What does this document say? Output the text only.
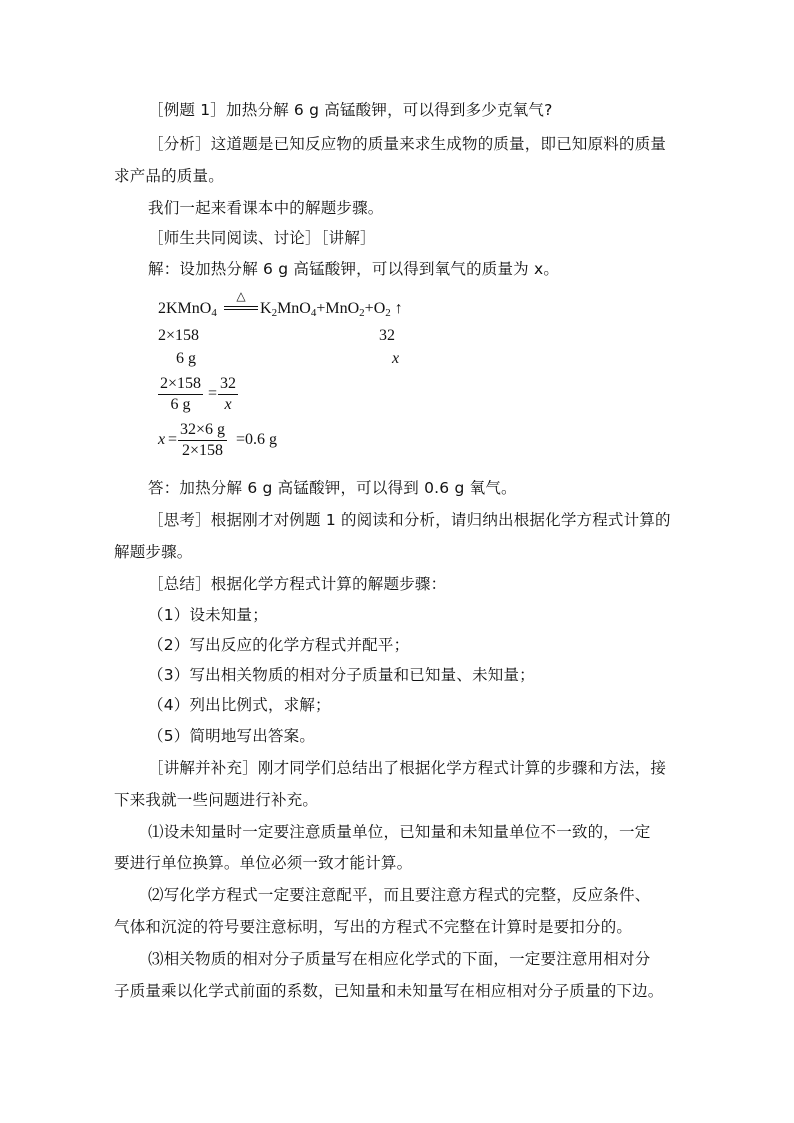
［例题 1］加热分解 6 g 高锰酸钾，可以得到多少克氧气?
［分析］这道题是已知反应物的质量来求生成物的质量，即已知原料的质量
求产品的质量。
我们一起来看课本中的解题步骤。
［师生共同阅读、讨论］［讲解］
解：设加热分解 6 g 高锰酸钾，可以得到氧气的质量为 x。
2KMnO$_4$
△
$K_2MnO_4+MnO_2+O_2$ ↑
2×158	32
6 g	x
$\frac{2\times 158}{6 g} = \frac{32}{x}$
$x = \frac{32\times 6 g}{2\times 158} =0.6$ g
答：加热分解 6 g 高锰酸钾，可以得到 0.6 g 氧气。
［思考］根据刚才对例题 1 的阅读和分析，请归纳出根据化学方程式计算的
解题步骤。
［总结］根据化学方程式计算的解题步骤：
（1）设未知量；
（2）写出反应的化学方程式并配平；
（3）写出相关物质的相对分子质量和已知量、未知量；
（4）列出比例式，求解；
（5）简明地写出答案。
［讲解并补充］刚才同学们总结出了根据化学方程式计算的步骤和方法，接
下来我就一些问题进行补充。
⑴设未知量时一定要注意质量单位，已知量和未知量单位不一致的，一定
要进行单位换算。单位必须一致才能计算。
⑵写化学方程式一定要注意配平，而且要注意方程式的完整，反应条件、
气体和沉淀的符号要注意标明，写出的方程式不完整在计算时是要扣分的。
⑶相关物质的相对分子质量写在相应化学式的下面，一定要注意用相对分
子质量乘以化学式前面的系数，已知量和未知量写在相应相对分子质量的下边。
